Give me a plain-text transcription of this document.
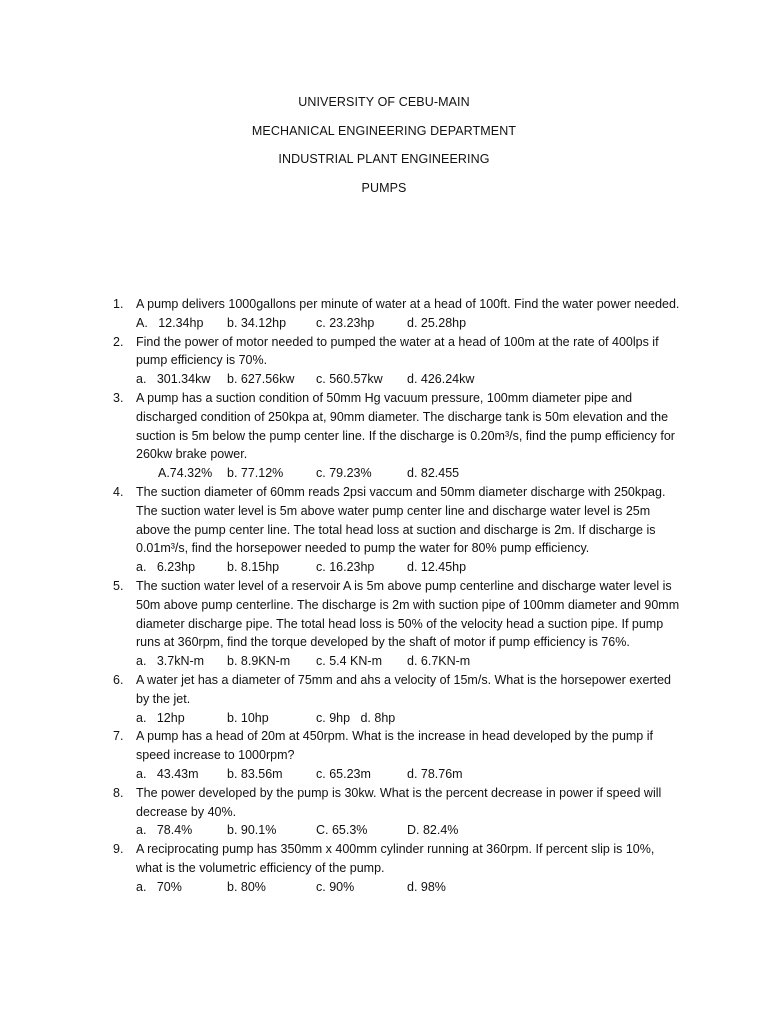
UNIVERSITY OF CEBU-MAIN
MECHANICAL ENGINEERING DEPARTMENT
INDUSTRIAL PLANT ENGINEERING
PUMPS
1.	A pump delivers 1000gallons per minute of water at a head of 100ft. Find the water power needed.
A.   12.34hp b. 34.12hp c. 23.23hp	d. 25.28hp
2.	Find the power of motor needed to pumped the water at a head of 100m at the rate of 400lps if pump efficiency is 70%.
a.   301.34kw b. 627.56kw c. 560.57kw d. 426.24kw
3.	A pump has a suction condition of 50mm Hg vacuum pressure, 100mm diameter pipe and discharged condition of 250kpa at, 90mm diameter. The discharge tank is 50m elevation and the suction is 5m below the pump center line. If the discharge is 0.20m³/s, find the pump efficiency for 260kw brake power.
A.74.32% b. 77.12%	c. 79.23%	d. 82.455
4.	The suction diameter of 60mm reads 2psi vaccum and 50mm diameter discharge with 250kpag. The suction water level is 5m above water pump center line and discharge water level is 25m above the pump center line. The total head loss at suction and discharge is 2m. If discharge is 0.01m³/s, find the horsepower needed to pump the water for 80% pump efficiency.
a.   6.23hp	b. 8.15hp	c. 16.23hp	d. 12.45hp
5.	The suction water level of a reservoir A is 5m above pump centerline and discharge water level is 50m above pump centerline. The discharge is 2m with suction pipe of 100mm diameter and 90mm diameter discharge pipe. The total head loss is 50% of the velocity head a suction pipe. If pump runs at 360rpm, find the torque developed by the shaft of motor if pump efficiency is 76%.
a.   3.7kN-m b. 8.9KN-m c. 5.4 KN-m d. 6.7KN-m
6.	A water jet has a diameter of 75mm and ahs a velocity of 15m/s. What is the horsepower exerted by the jet.
a.   12hp	b. 10hp	c. 9hp   d. 8hp
7.	A pump has a head of 20m at 450rpm. What is the increase in head developed by the pump if speed increase to 1000rpm?
a.   43.43m b. 83.56m	c. 65.23m	d. 78.76m
8.	The power developed by the pump is 30kw. What is the percent decrease in power if speed will decrease by 40%.
a.   78.4%	b. 90.1%	C. 65.3%	D. 82.4%
9.	A reciprocating pump has 350mm x 400mm cylinder running at 360rpm. If percent slip is 10%, what is the volumetric efficiency of the pump.
a.   70%	b. 80%	c. 90%	d. 98%
